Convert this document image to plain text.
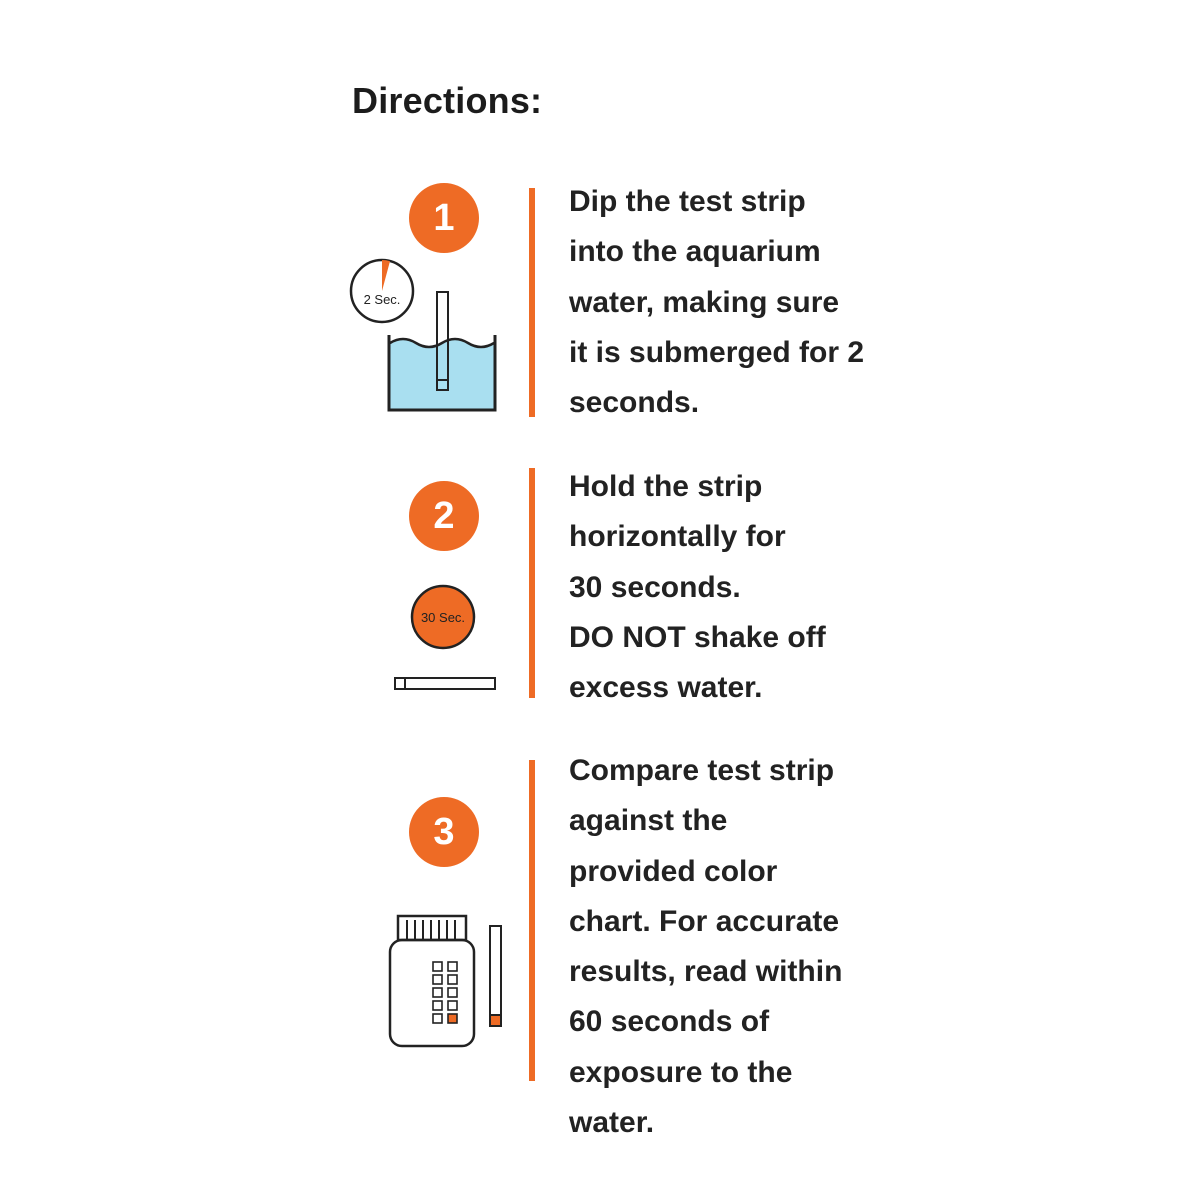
Directions:
1
2 Sec.
Dip the test strip
into the aquarium
water, making sure
it is submerged for 2
seconds.
2
30 Sec.
Hold the strip
horizontally for
30 seconds.
DO NOT shake off
excess water.
3
Compare test strip
against the
provided color
chart. For accurate
results, read within
60 seconds of
exposure to the
water.
